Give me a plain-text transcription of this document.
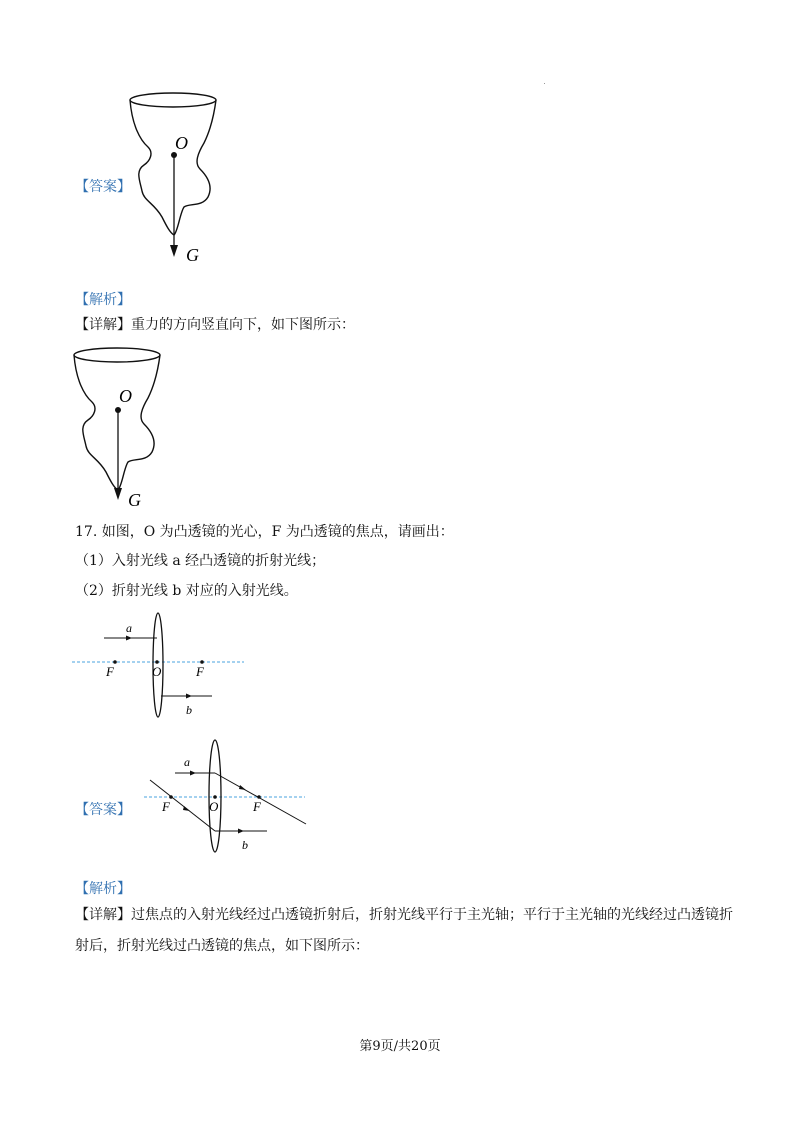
【答案】
O
G
【解析】
【详解】重力的方向竖直向下，如下图所示：
O
G
17. 如图，O 为凸透镜的光心，F 为凸透镜的焦点，请画出：
（1）入射光线 a 经凸透镜的折射光线；
（2）折射光线 b 对应的入射光线。
a
b
F	O	F
【答案】
a
b
F	O	F
【解析】
【详解】过焦点的入射光线经过凸透镜折射后，折射光线平行于主光轴；平行于主光轴的光线经过凸透镜折射后，折射光线过凸透镜的焦点，如下图所示：
第9页/共20页
